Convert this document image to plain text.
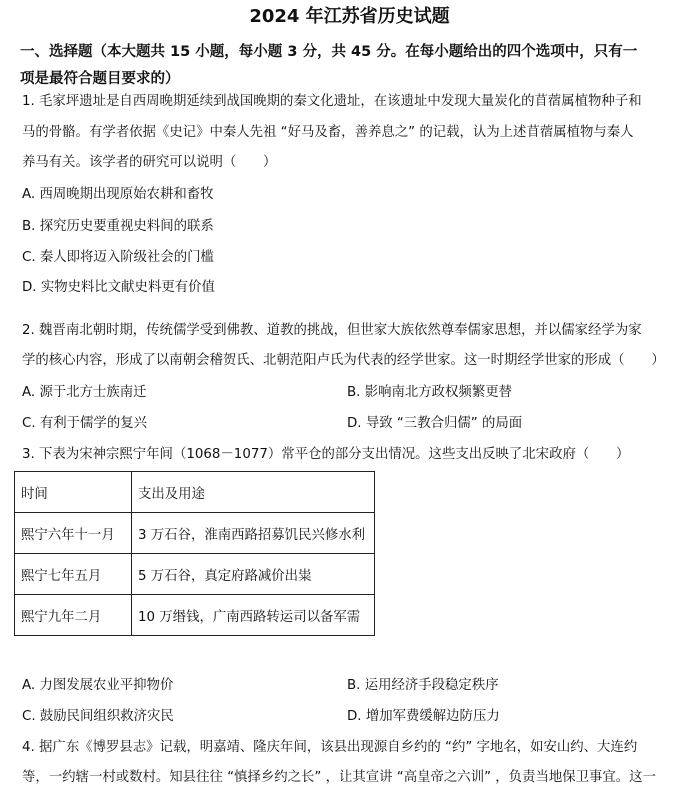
2024 年江苏省历史试题
一、选择题（本大题共 15 小题，每小题 3 分，共 45 分。在每小题给出的四个选项中，只有一 项是最符合题目要求的）
1. 毛家坪遗址是自西周晚期延续到战国晚期的秦文化遗址，在该遗址中发现大量炭化的苜蓿属植物种子和
马的骨骼。有学者依据《史记》中秦人先祖 “好马及畜，善养息之” 的记载，认为上述苜蓿属植物与秦人
养马有关。该学者的研究可以说明（　　）
A. 西周晚期出现原始农耕和畜牧
B. 探究历史要重视史料间的联系
C. 秦人即将迈入阶级社会的门槛
D. 实物史料比文献史料更有价值
2. 魏晋南北朝时期，传统儒学受到佛教、道教的挑战，但世家大族依然尊奉儒家思想，并以儒家经学为家
学的核心内容，形成了以南朝会稽贺氏、北朝范阳卢氏为代表的经学世家。这一时期经学世家的形成（　　）
A. 源于北方士族南迁	B. 影响南北方政权频繁更替
C. 有利于儒学的复兴	D. 导致 “三教合归儒” 的局面
3. 下表为宋神宗熙宁年间（1068－1077）常平仓的部分支出情况。这些支出反映了北宋政府（　　）
时间	支出及用途
熙宁六年十一月	3 万石谷，淮南西路招募饥民兴修水利
熙宁七年五月	5 万石谷，真定府路减价出粜
熙宁九年二月	10 万缗钱，广南西路转运司以备军需
A. 力图发展农业平抑物价	B. 运用经济手段稳定秩序
C. 鼓励民间组织救济灾民	D. 增加军费缓解边防压力
4. 据广东《博罗县志》记载，明嘉靖、隆庆年间，该县出现源自乡约的 “约” 字地名，如安山约、大连约
等，一约辖一村或数村。知县往往 “慎择乡约之长” ，让其宣讲 “高皇帝之六训” ，负责当地保卫事宜。这一
